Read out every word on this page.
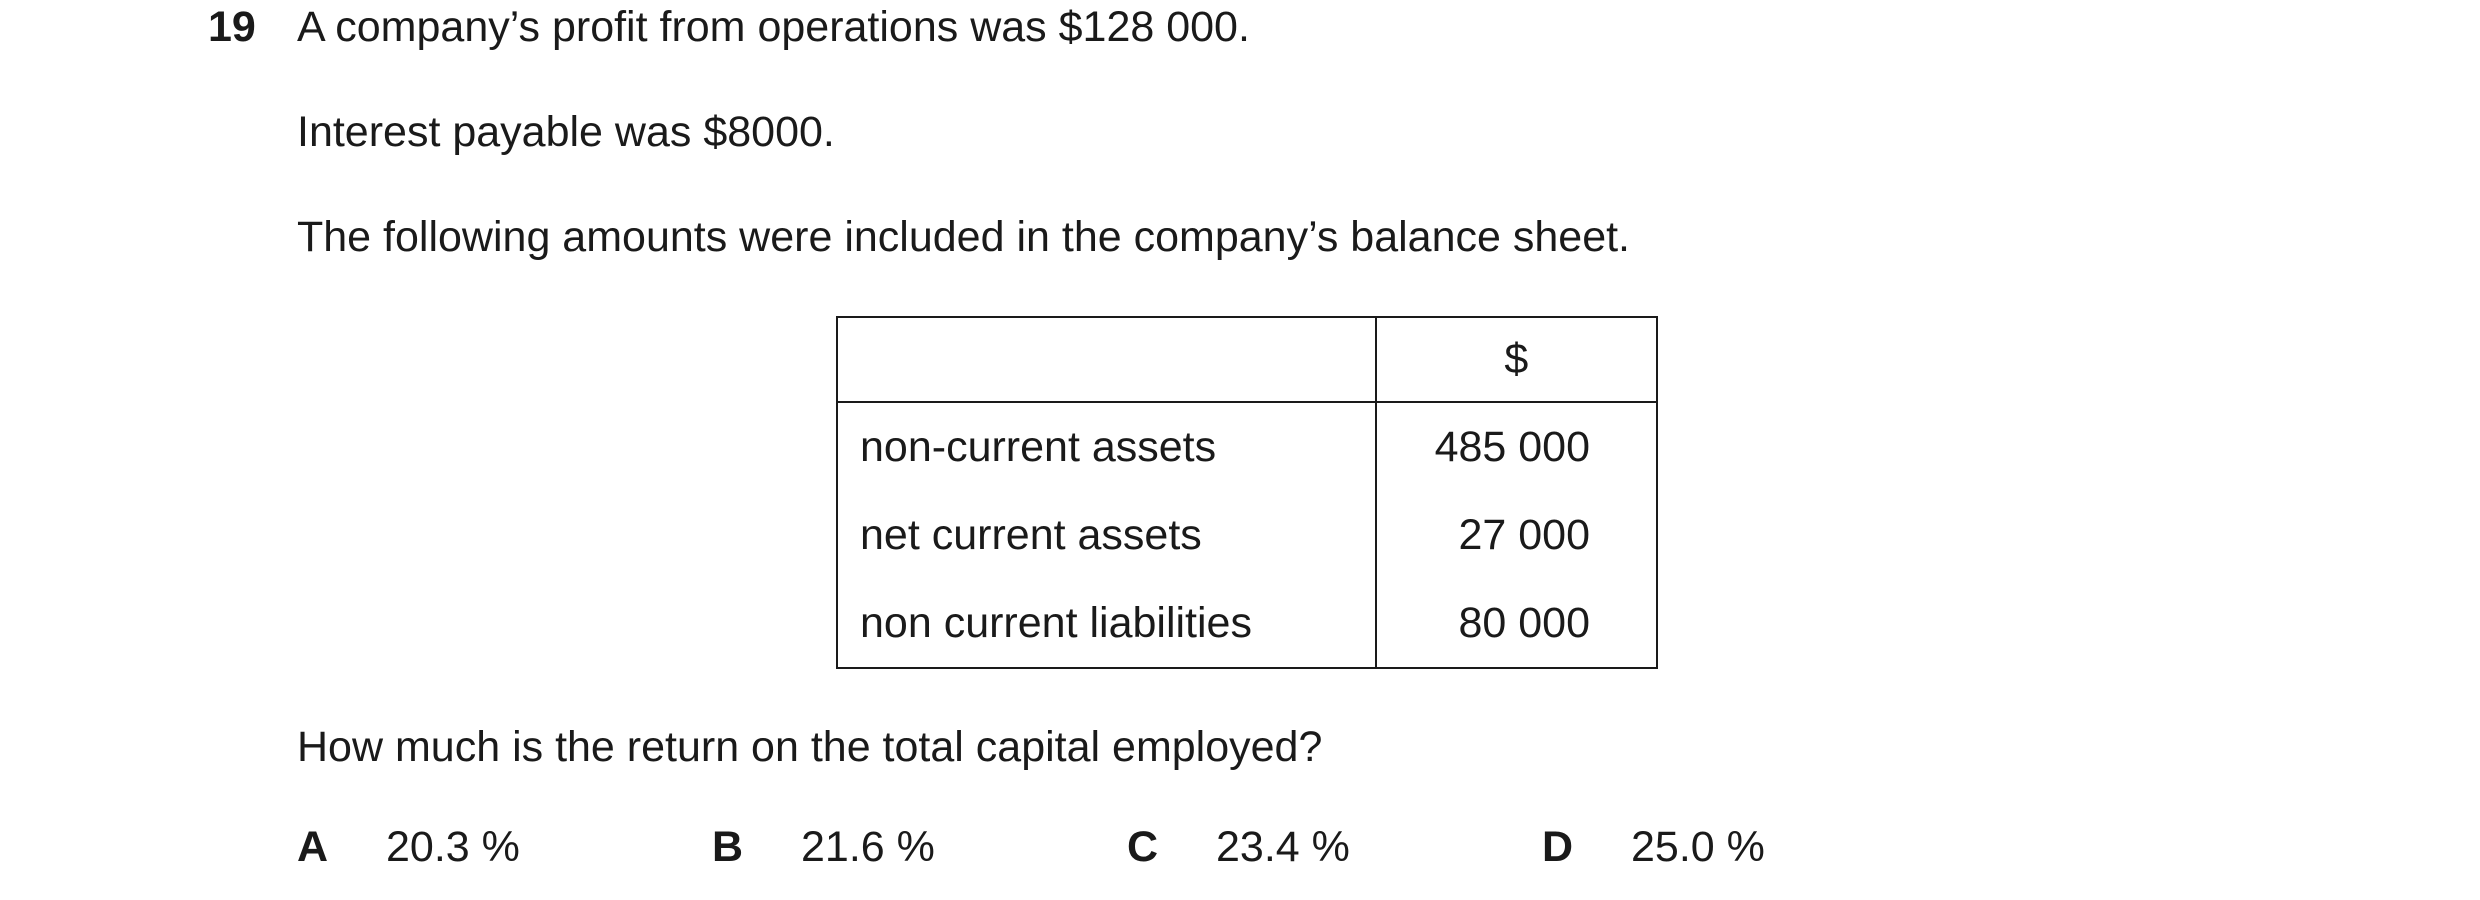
19 A company’s profit from operations was $128 000.
Interest payable was $8000.
The following amounts were included in the company’s balance sheet.
	$
non-current assets	485 000
net current assets	27 000
non current liabilities	80 000
How much is the return on the total capital employed?
A 20.3 %	B 21.6 %	C 23.4 %	D 25.0 %
